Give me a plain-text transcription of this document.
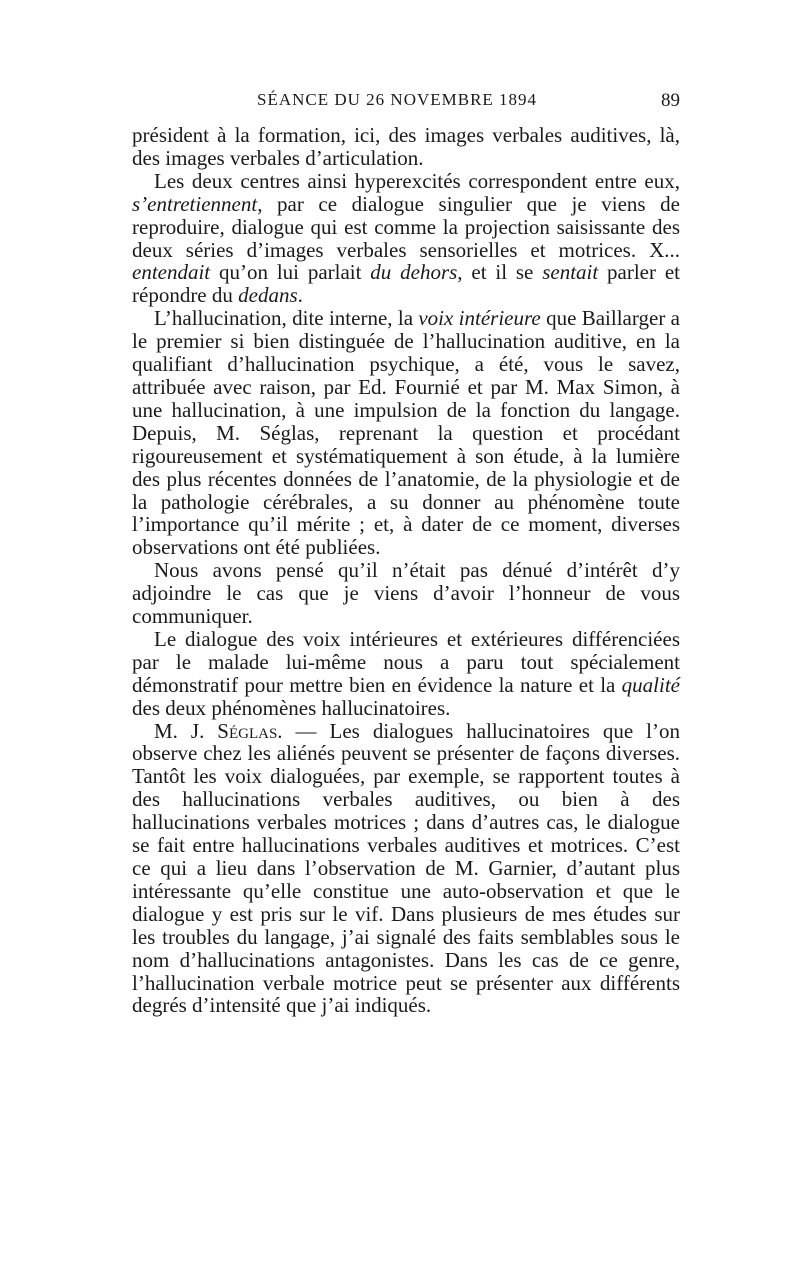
SÉANCE DU 26 NOVEMBRE 1894	89

président à la formation, ici, des images verbales auditives, là, des images verbales d’articulation.

Les deux centres ainsi hyperexcités correspondent entre eux, s’entretiennent, par ce dialogue singulier que je viens de reproduire, dialogue qui est comme la projection saisissante des deux séries d’images verbales sensorielles et motrices. X... entendait qu’on lui parlait du dehors, et il se sentait parler et répondre du dedans.

L’hallucination, dite interne, la voix intérieure que Baillarger a le premier si bien distinguée de l’hallucination auditive, en la qualifiant d’hallucination psychique, a été, vous le savez, attribuée avec raison, par Ed. Fournié et par M. Max Simon, à une hallucination, à une impulsion de la fonction du langage. Depuis, M. Séglas, reprenant la question et procédant rigoureusement et systématiquement à son étude, à la lumière des plus récentes données de l’anatomie, de la physiologie et de la pathologie cérébrales, a su donner au phénomène toute l’importance qu’il mérite ; et, à dater de ce moment, diverses observations ont été publiées.

Nous avons pensé qu’il n’était pas dénué d’intérêt d’y adjoindre le cas que je viens d’avoir l’honneur de vous communiquer.

Le dialogue des voix intérieures et extérieures différenciées par le malade lui-même nous a paru tout spécialement démonstratif pour mettre bien en évidence la nature et la qualité des deux phénomènes hallucinatoires.

M. J. Séglas. — Les dialogues hallucinatoires que l’on observe chez les aliénés peuvent se présenter de façons diverses. Tantôt les voix dialoguées, par exemple, se rapportent toutes à des hallucinations verbales auditives, ou bien à des hallucinations verbales motrices ; dans d’autres cas, le dialogue se fait entre hallucinations verbales auditives et motrices. C’est ce qui a lieu dans l’observation de M. Garnier, d’autant plus intéressante qu’elle constitue une auto-observation et que le dialogue y est pris sur le vif. Dans plusieurs de mes études sur les troubles du langage, j’ai signalé des faits semblables sous le nom d’hallucinations antagonistes. Dans les cas de ce genre, l’hallucination verbale motrice peut se présenter aux différents degrés d’intensité que j’ai indiqués.
